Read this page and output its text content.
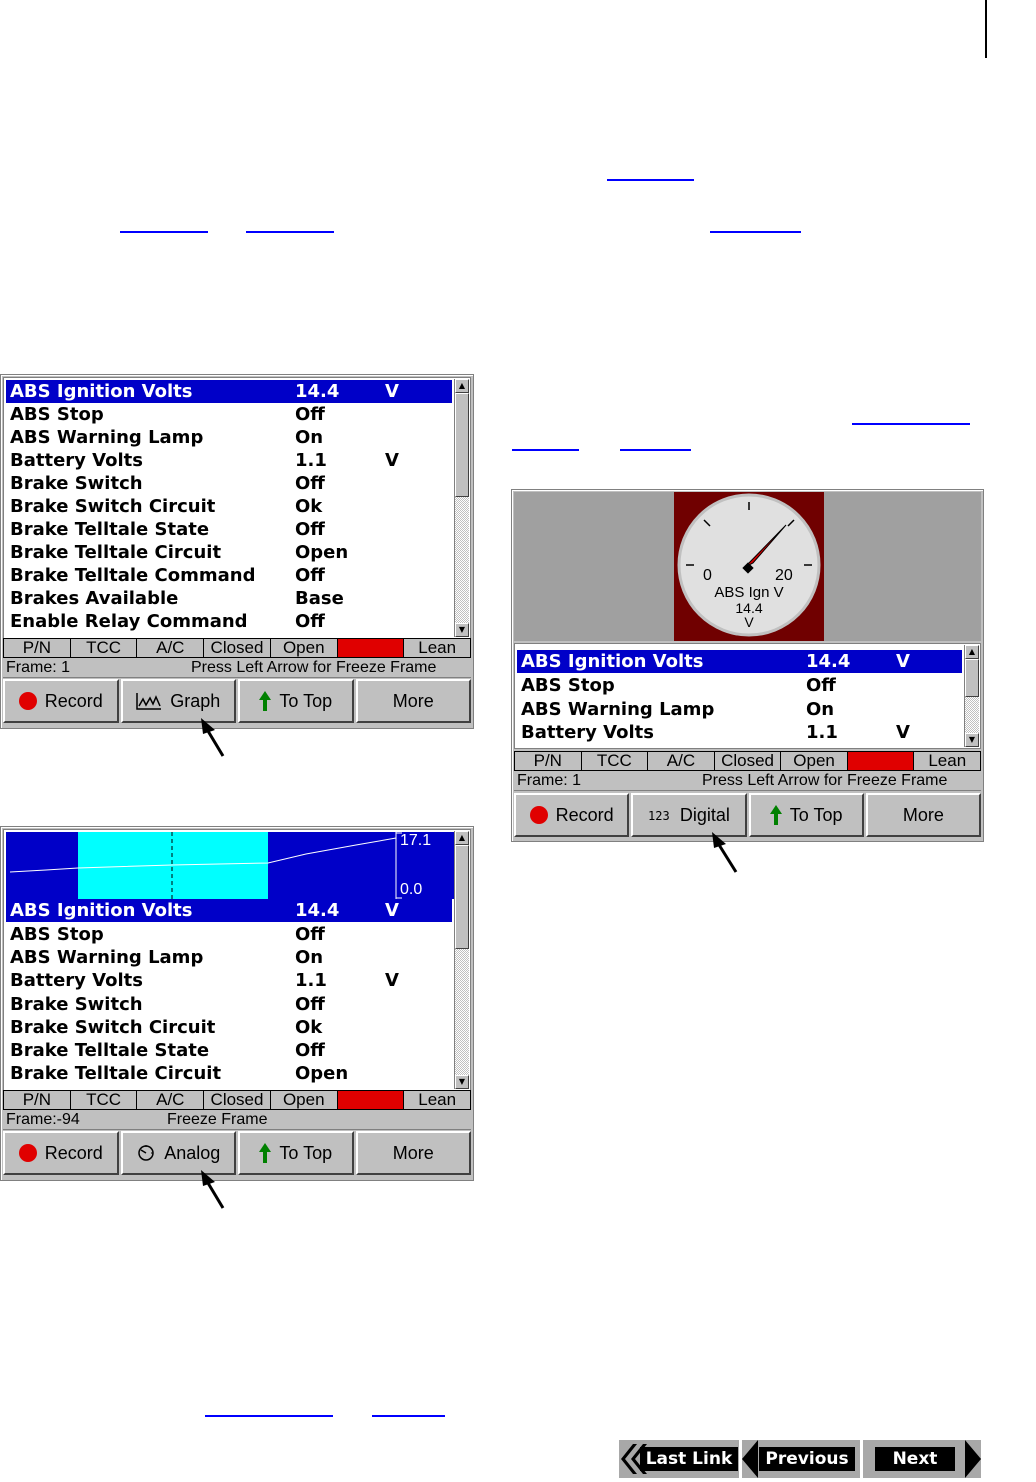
ABS Ignition Volts	14.4	V
ABS Stop	Off
ABS Warning Lamp	On
Battery Volts	1.1	V
Brake Switch	Off
Brake Switch Circuit	Ok
Brake Telltale State	Off
Brake Telltale Circuit	Open
Brake Telltale Command Off
Brakes Available	Base
Enable Relay Command	Off
▲
▼
P/N	TCC	A/C	Closed	Open	Rich	Lean
Frame: 1	Press Left Arrow for Freeze Frame
Record	Graph	To Top	More
0	20
ABS Ign V
14.4
V
ABS Ignition Volts	14.4	V
ABS Stop	Off
ABS Warning Lamp	On
Battery Volts	1.1	V
▲
▼
P/N	TCC	A/C	Closed	Open	Rich	Lean
Frame: 1	Press Left Arrow for Freeze Frame
Record	123 Digital	To Top	More
17.1
0.0
ABS Ignition Volts	14.4	V
ABS Stop	Off
ABS Warning Lamp	On
Battery Volts	1.1	V
Brake Switch	Off
Brake Switch Circuit	Ok
Brake Telltale State	Off
Brake Telltale Circuit	Open
▲
▼
P/N	TCC	A/C	Closed	Open	Rich	Lean
Frame:-94	Freeze Frame
Record	Analog	To Top	More
Last Link	Previous	Next
